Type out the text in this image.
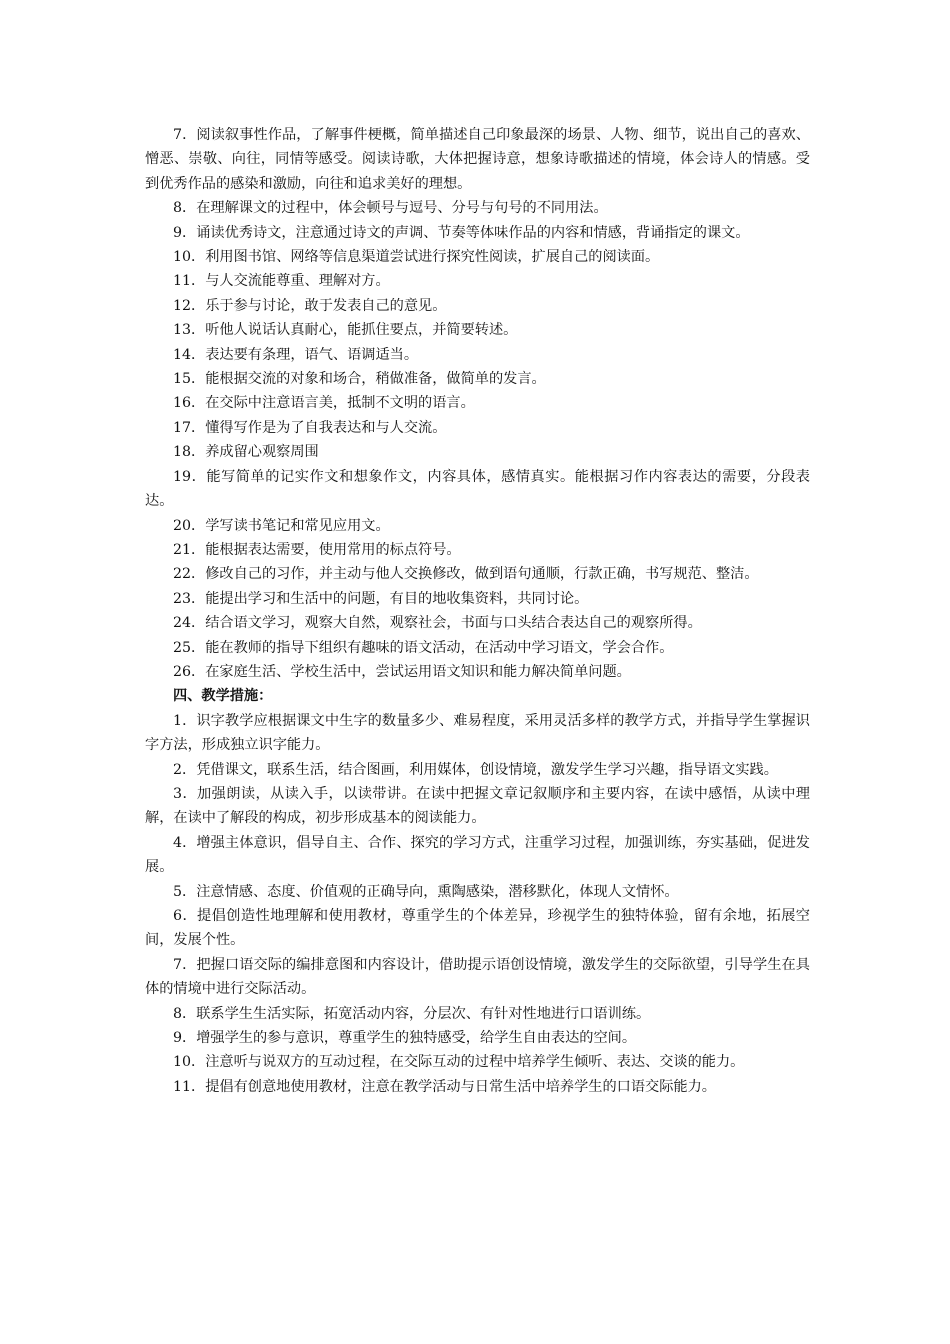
7．阅读叙事性作品，了解事件梗概，简单描述自己印象最深的场景、人物、细节，说出自己的喜欢、憎恶、崇敬、向往，同情等感受。阅读诗歌，大体把握诗意，想象诗歌描述的情境，体会诗人的情感。受到优秀作品的感染和激励，向往和追求美好的理想。

8．在理解课文的过程中，体会顿号与逗号、分号与句号的不同用法。

9．诵读优秀诗文，注意通过诗文的声调、节奏等体味作品的内容和情感，背诵指定的课文。

10．利用图书馆、网络等信息渠道尝试进行探究性阅读，扩展自己的阅读面。

11．与人交流能尊重、理解对方。

12．乐于参与讨论，敢于发表自己的意见。

13．听他人说话认真耐心，能抓住要点，并简要转述。

14．表达要有条理，语气、语调适当。

15．能根据交流的对象和场合，稍做准备，做简单的发言。

16．在交际中注意语言美，抵制不文明的语言。

17．懂得写作是为了自我表达和与人交流。

18．养成留心观察周围

19．能写简单的记实作文和想象作文，内容具体，感情真实。能根据习作内容表达的需要，分段表达。

20．学写读书笔记和常见应用文。

21．能根据表达需要，使用常用的标点符号。

22．修改自己的习作，并主动与他人交换修改，做到语句通顺，行款正确，书写规范、整洁。

23．能提出学习和生活中的问题，有目的地收集资料，共同讨论。

24．结合语文学习，观察大自然，观察社会，书面与口头结合表达自己的观察所得。

25．能在教师的指导下组织有趣味的语文活动，在活动中学习语文，学会合作。

26．在家庭生活、学校生活中，尝试运用语文知识和能力解决简单问题。

四、教学措施：

1．识字教学应根据课文中生字的数量多少、难易程度，采用灵活多样的教学方式，并指导学生掌握识字方法，形成独立识字能力。

2．凭借课文，联系生活，结合图画，利用媒体，创设情境，激发学生学习兴趣，指导语文实践。

3．加强朗读，从读入手，以读带讲。在读中把握文章记叙顺序和主要内容，在读中感悟，从读中理解，在读中了解段的构成，初步形成基本的阅读能力。

4．增强主体意识，倡导自主、合作、探究的学习方式，注重学习过程，加强训练，夯实基础，促进发展。

5．注意情感、态度、价值观的正确导向，熏陶感染，潜移默化，体现人文情怀。

6．提倡创造性地理解和使用教材，尊重学生的个体差异，珍视学生的独特体验，留有余地，拓展空间，发展个性。

7．把握口语交际的编排意图和内容设计，借助提示语创设情境，激发学生的交际欲望，引导学生在具体的情境中进行交际活动。

8．联系学生生活实际，拓宽活动内容，分层次、有针对性地进行口语训练。

9．增强学生的参与意识，尊重学生的独特感受，给学生自由表达的空间。

10．注意听与说双方的互动过程，在交际互动的过程中培养学生倾听、表达、交谈的能力。

11．提倡有创意地使用教材，注意在教学活动与日常生活中培养学生的口语交际能力。
